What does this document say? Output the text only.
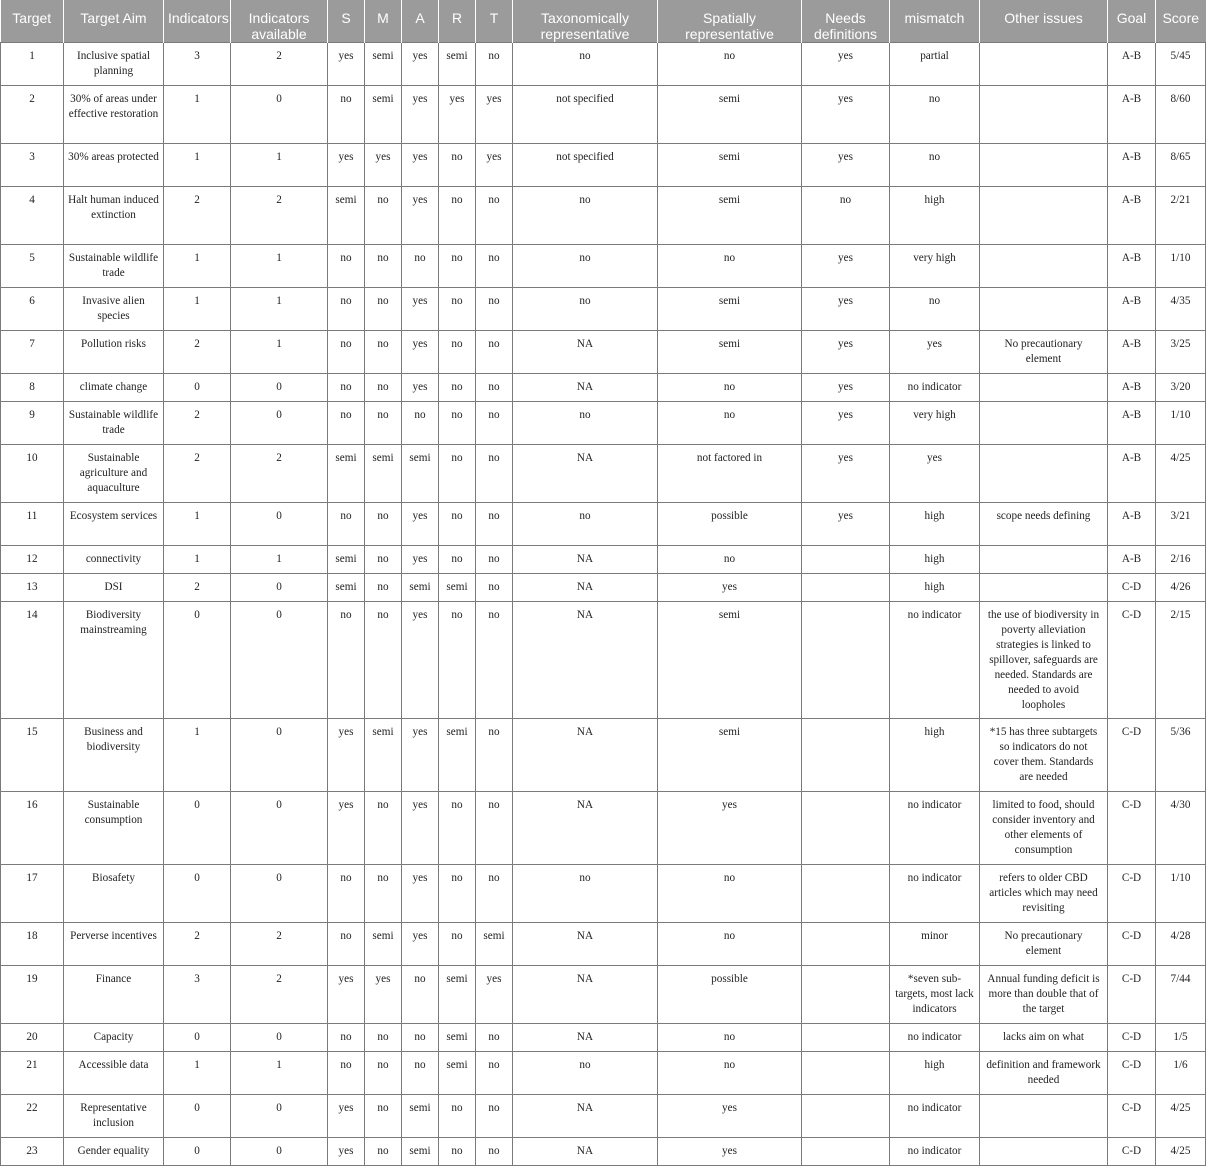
Target	Target Aim	Indicators	Indicators available	S	M	A	R	T	Taxonomically representative	Spatially representative	Needs definitions	mismatch	Other issues	Goal	Score
1	Inclusive spatial planning	3	2	yes	semi	yes	semi	no	no	no	yes	partial		A-B	5/45
2	30% of areas under effective restoration	1	0	no	semi	yes	yes	yes	not specified	semi	yes	no		A-B	8/60
3	30% areas protected	1	1	yes	yes	yes	no	yes	not specified	semi	yes	no		A-B	8/65
4	Halt human induced extinction	2	2	semi	no	yes	no	no	no	semi	no	high		A-B	2/21
5	Sustainable wildlife trade	1	1	no	no	no	no	no	no	no	yes	very high		A-B	1/10
6	Invasive alien species	1	1	no	no	yes	no	no	no	semi	yes	no		A-B	4/35
7	Pollution risks	2	1	no	no	yes	no	no	NA	semi	yes	yes	No precautionary element	A-B	3/25
8	climate change	0	0	no	no	yes	no	no	NA	no	yes	no indicator		A-B	3/20
9	Sustainable wildlife trade	2	0	no	no	no	no	no	no	no	yes	very high		A-B	1/10
10	Sustainable agriculture and aquaculture	2	2	semi	semi	semi	no	no	NA	not factored in	yes	yes		A-B	4/25
11	Ecosystem services	1	0	no	no	yes	no	no	no	possible	yes	high	scope needs defining	A-B	3/21
12	connectivity	1	1	semi	no	yes	no	no	NA	no		high		A-B	2/16
13	DSI	2	0	semi	no	semi	semi	no	NA	yes		high		C-D	4/26
14	Biodiversity mainstreaming	0	0	no	no	yes	no	no	NA	semi		no indicator	the use of biodiversity in poverty alleviation strategies is linked to spillover, safeguards are needed. Standards are needed to avoid loopholes	C-D	2/15
15	Business and biodiversity	1	0	yes	semi	yes	semi	no	NA	semi		high	*15 has three subtargets so indicators do not cover them. Standards are needed	C-D	5/36
16	Sustainable consumption	0	0	yes	no	yes	no	no	NA	yes		no indicator	limited to food, should consider inventory and other elements of consumption	C-D	4/30
17	Biosafety	0	0	no	no	yes	no	no	no	no		no indicator	refers to older CBD articles which may need revisiting	C-D	1/10
18	Perverse incentives	2	2	no	semi	yes	no	semi	NA	no		minor	No precautionary element	C-D	4/28
19	Finance	3	2	yes	yes	no	semi	yes	NA	possible		*seven sub-targets, most lack indicators	Annual funding deficit is more than double that of the target	C-D	7/44
20	Capacity	0	0	no	no	no	semi	no	NA	no		no indicator	lacks aim on what	C-D	1/5
21	Accessible data	1	1	no	no	no	semi	no	no	no		high	definition and framework needed	C-D	1/6
22	Representative inclusion	0	0	yes	no	semi	no	no	NA	yes		no indicator		C-D	4/25
23	Gender equality	0	0	yes	no	semi	no	no	NA	yes		no indicator		C-D	4/25
